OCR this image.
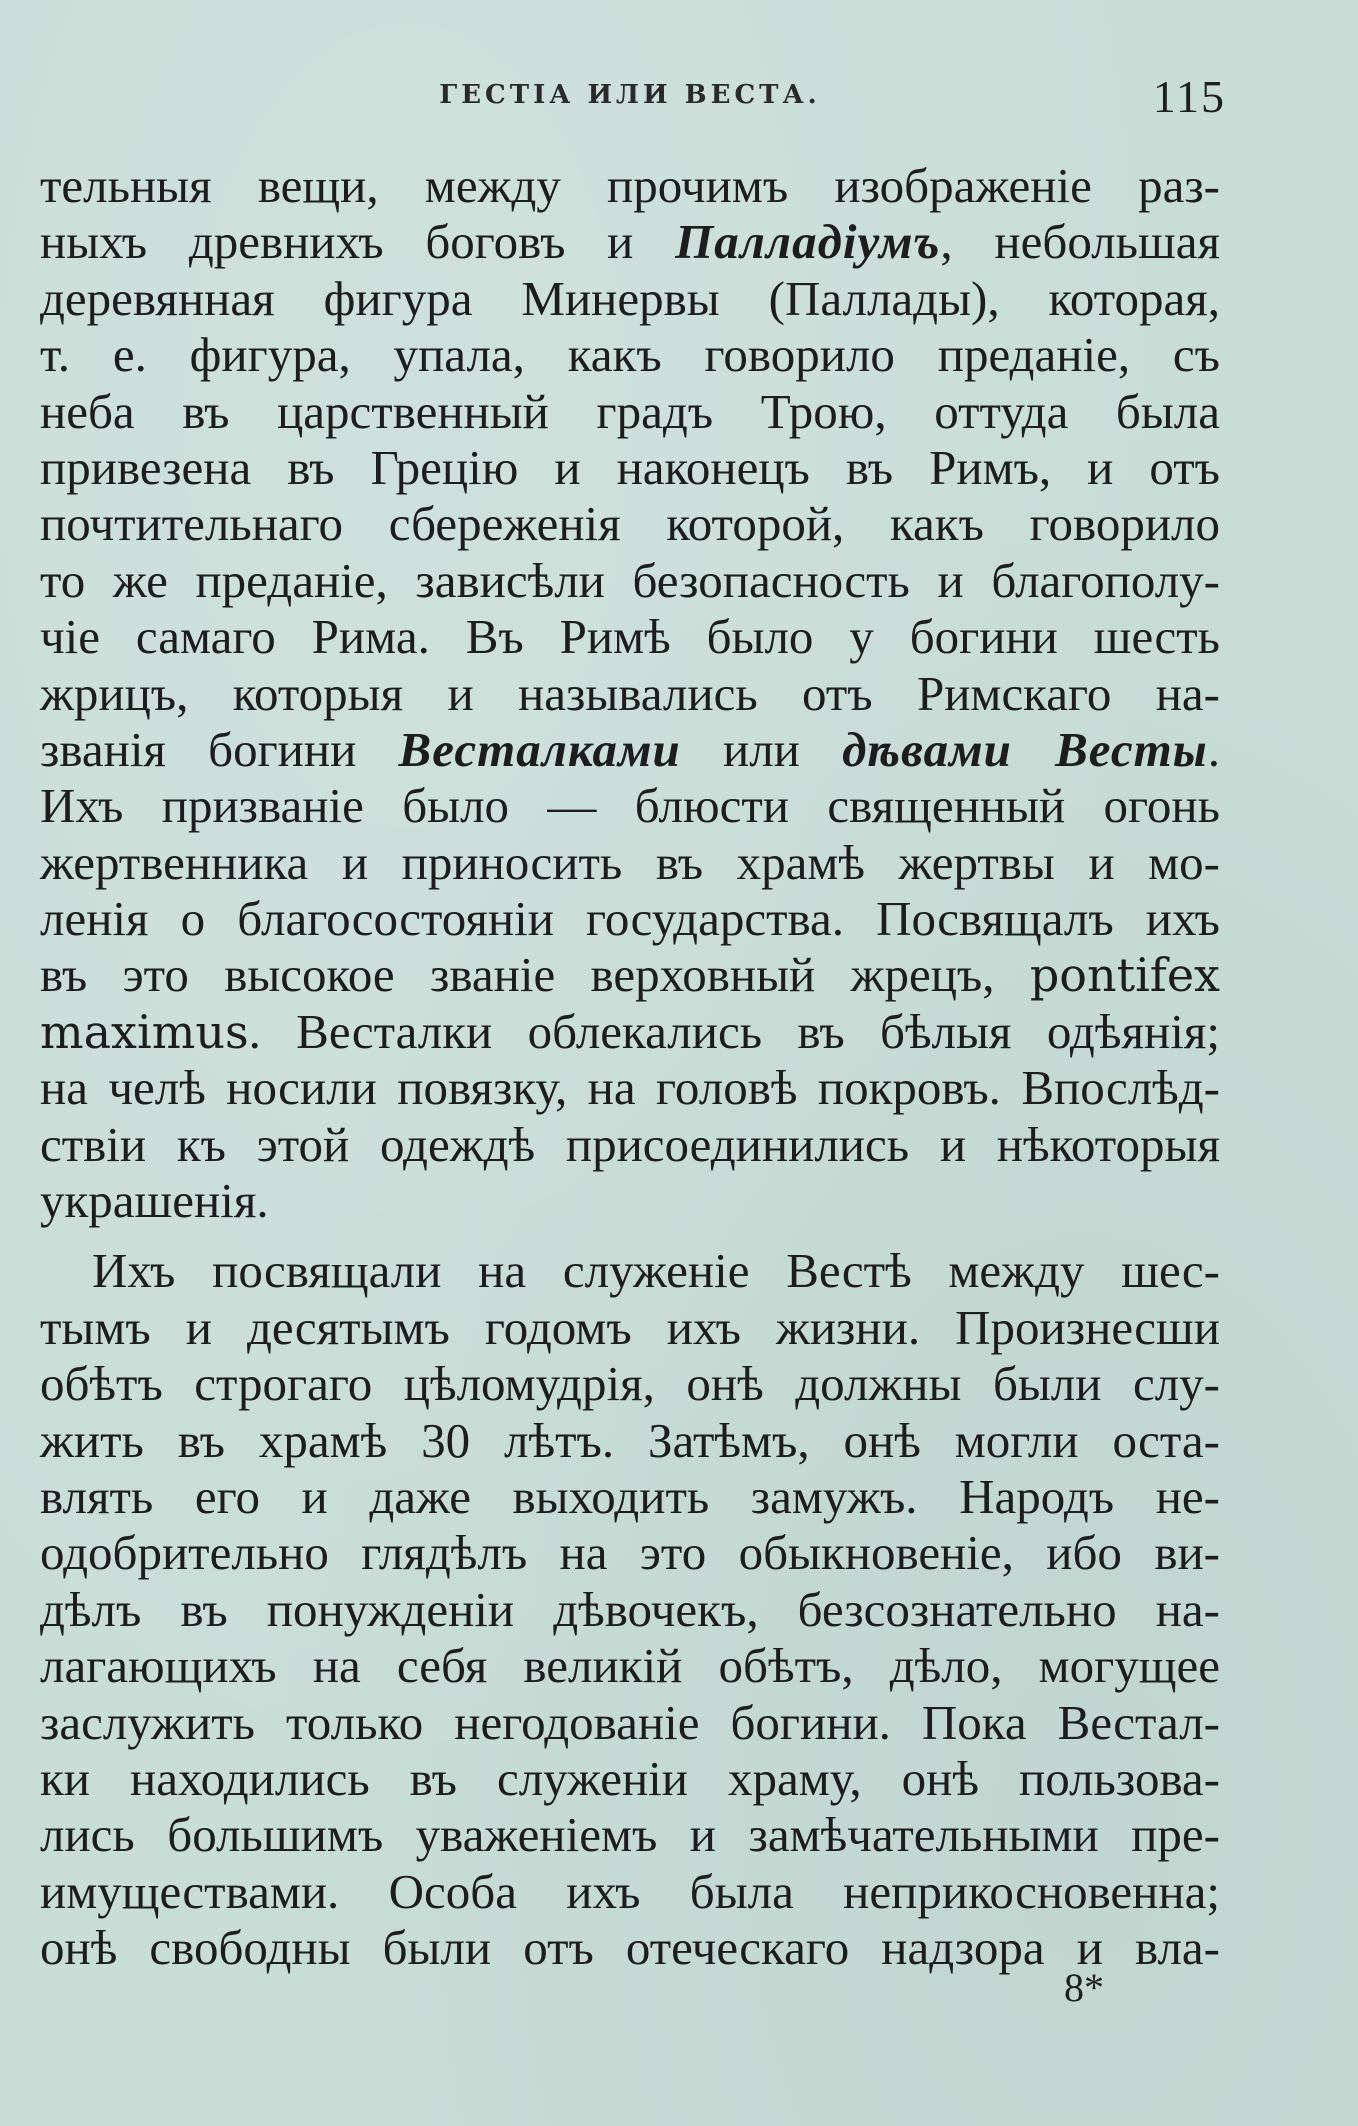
ГЕСТІА ИЛИ ВЕСТА.	115
тельныя вещи, между прочимъ изображеніе раз-
ныхъ древнихъ боговъ и Палладіумъ, небольшая
деревянная фигура Минервы (Паллады), которая,
т. е. фигура, упала, какъ говорило преданіе, съ
неба въ царственный градъ Трою, оттуда была
привезена въ Грецію и наконецъ въ Римъ, и отъ
почтительнаго сбереженія которой, какъ говорило
то же преданіе, зависѣли безопасность и благополу-
чіе самаго Рима. Въ Римѣ было у богини шесть
жрицъ, которыя и назывались отъ Римскаго на-
званія богини Весталками или дѣвами Весты.
Ихъ призваніе было — блюсти священный огонь
жертвенника и приносить въ храмѣ жертвы и мо-
ленія о благосостояніи государства. Посвящалъ ихъ
въ это высокое званіе верховный жрецъ, pontifex
maximus. Весталки облекались въ бѣлыя одѣянія;
на челѣ носили повязку, на головѣ покровъ. Впослѣд-
ствіи къ этой одеждѣ присоединились и нѣкоторыя
украшенія.
Ихъ посвящали на служеніе Вестѣ между шес-
тымъ и десятымъ годомъ ихъ жизни. Произнесши
обѣтъ строгаго цѣломудрія, онѣ должны были слу-
жить въ храмѣ 30 лѣтъ. Затѣмъ, онѣ могли оста-
влять его и даже выходить замужъ. Народъ не-
одобрительно глядѣлъ на это обыкновеніе, ибо ви-
дѣлъ въ понужденіи дѣвочекъ, безсознательно на-
лагающихъ на себя великій обѣтъ, дѣло, могущее
заслужить только негодованіе богини. Пока Вестал-
ки находились въ служеніи храму, онѣ пользова-
лись большимъ уваженіемъ и замѣчательными пре-
имуществами. Особа ихъ была неприкосновенна;
онѣ свободны были отъ отеческаго надзора и вла-
8*
